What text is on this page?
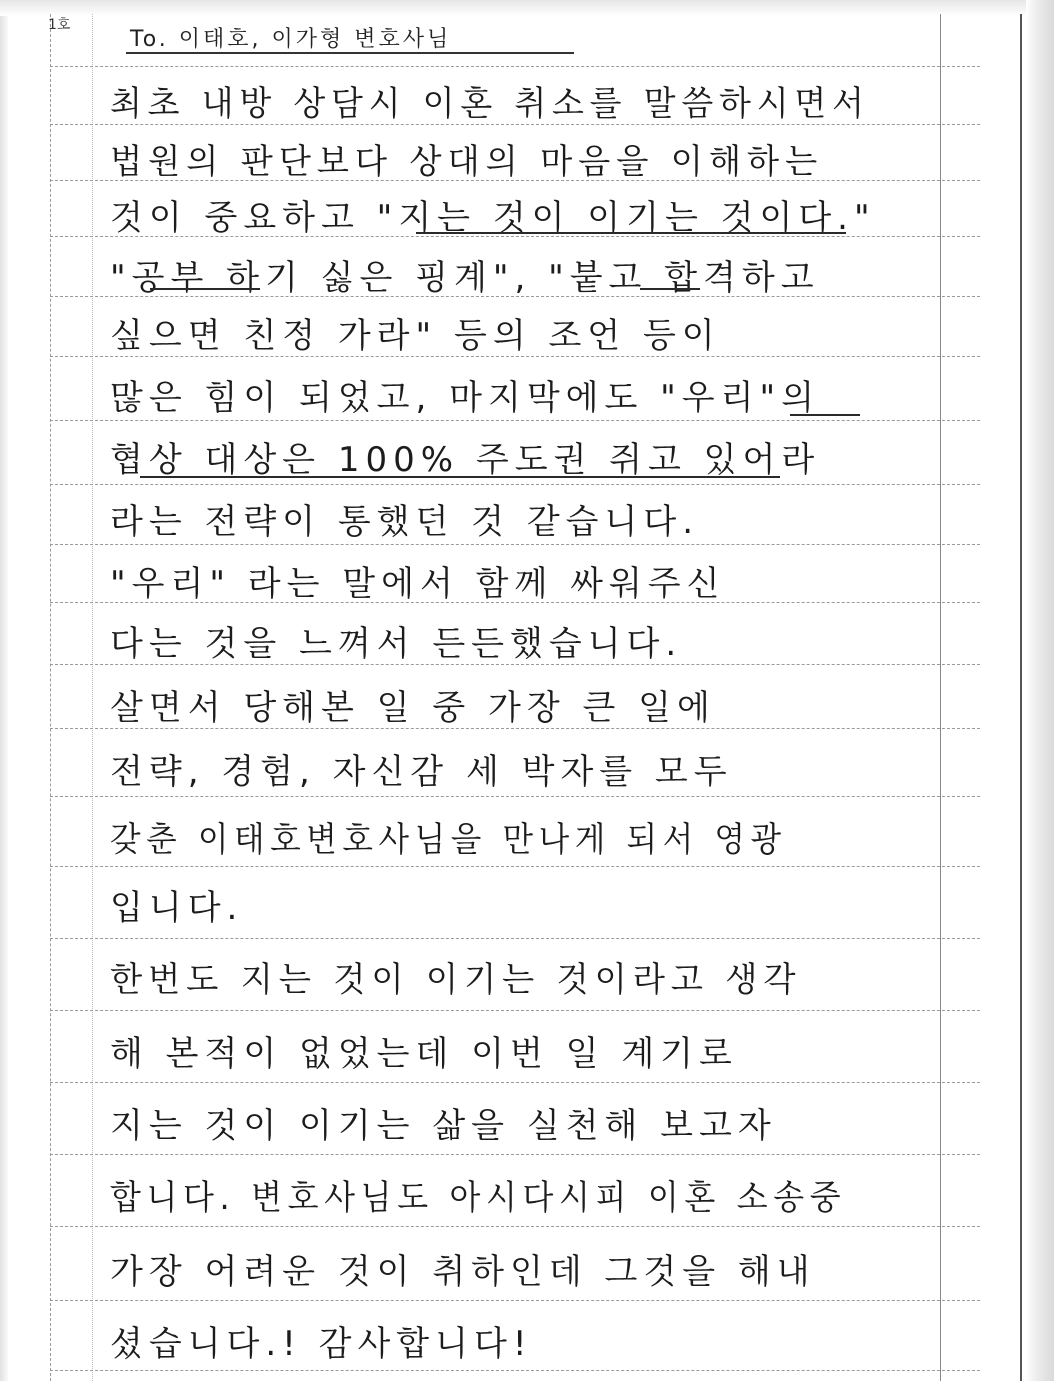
1호
To. 이태호, 이가형 변호사님
최초 내방 상담시 이혼 취소를 말씀하시면서
법원의 판단보다 상대의 마음을 이해하는
것이 중요하고 "지는 것이 이기는 것이다."
"공부 하기 싫은 핑계", "붙고 합격하고
싶으면 친정 가라" 등의 조언 등이
많은 힘이 되었고, 마지막에도 "우리"의
협상 대상은 100% 주도권 쥐고 있어라
라는 전략이 통했던 것 같습니다.
"우리" 라는 말에서 함께 싸워주신
다는 것을 느껴서 든든했습니다.
살면서 당해본 일 중 가장 큰 일에
전략, 경험, 자신감 세 박자를 모두
갖춘 이태호변호사님을 만나게 되서 영광
입니다.
한번도 지는 것이 이기는 것이라고 생각
해 본적이 없었는데 이번 일 계기로
지는 것이 이기는 삶을 실천해 보고자
합니다. 변호사님도 아시다시피 이혼 소송중
가장 어려운 것이 취하인데 그것을 해내
셨습니다.! 감사합니다!
